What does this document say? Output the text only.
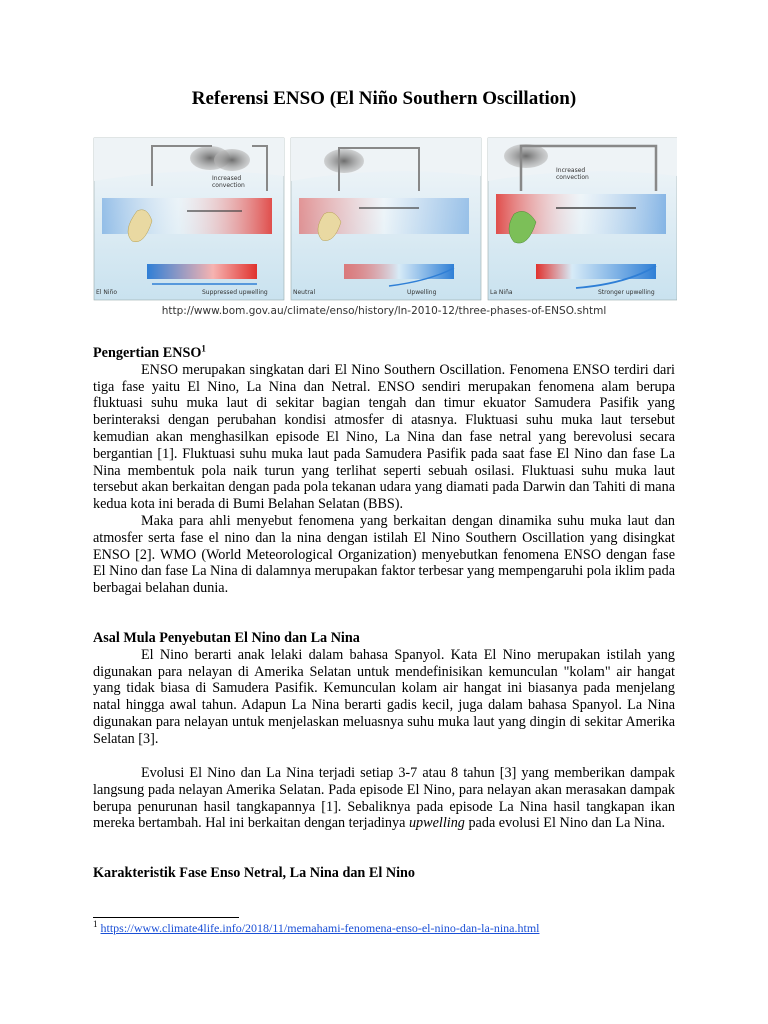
Referensi ENSO (El Niño Southern Oscillation)
Increased
convection
El Niño	Suppressed upwelling	Neutral	Upwelling
Increased
convection
La Niña	Stronger upwelling
http://www.bom.gov.au/climate/enso/history/ln-2010-12/three-phases-of-ENSO.shtml

Pengertian ENSO$^1$

ENSO merupakan singkatan dari El Nino Southern Oscillation. Fenomena ENSO terdiri dari tiga fase yaitu El Nino, La Nina dan Netral. ENSO sendiri merupakan fenomena alam berupa fluktuasi suhu muka laut di sekitar bagian tengah dan timur ekuator Samudera Pasifik yang berinteraksi dengan perubahan kondisi atmosfer di atasnya. Fluktuasi suhu muka laut tersebut kemudian akan menghasilkan episode El Nino, La Nina dan fase netral yang berevolusi secara bergantian [1]. Fluktuasi suhu muka laut pada Samudera Pasifik pada saat fase El Nino dan fase La Nina membentuk pola naik turun yang terlihat seperti sebuah osilasi. Fluktuasi suhu muka laut tersebut akan berkaitan dengan pada pola tekanan udara yang diamati pada Darwin dan Tahiti di mana kedua kota ini berada di Bumi Belahan Selatan (BBS).

Maka para ahli menyebut fenomena yang berkaitan dengan dinamika suhu muka laut dan atmosfer serta fase el nino dan la nina dengan istilah El Nino Southern Oscillation yang disingkat ENSO [2]. WMO (World Meteorological Organization) menyebutkan fenomena ENSO dengan fase El Nino dan fase La Nina di dalamnya merupakan faktor terbesar yang mempengaruhi pola iklim pada berbagai belahan dunia.

Asal Mula Penyebutan El Nino dan La Nina

El Nino berarti anak lelaki dalam bahasa Spanyol. Kata El Nino merupakan istilah yang digunakan para nelayan di Amerika Selatan untuk mendefinisikan kemunculan "kolam" air hangat yang tidak biasa di Samudera Pasifik. Kemunculan kolam air hangat ini biasanya pada menjelang natal hingga awal tahun. Adapun La Nina berarti gadis kecil, juga dalam bahasa Spanyol. La Nina digunakan para nelayan untuk menjelaskan meluasnya suhu muka laut yang dingin di sekitar Amerika Selatan [3].

Evolusi El Nino dan La Nina terjadi setiap 3-7 atau 8 tahun [3] yang memberikan dampak langsung pada nelayan Amerika Selatan. Pada episode El Nino, para nelayan akan merasakan dampak berupa penurunan hasil tangkapannya [1]. Sebaliknya pada episode La Nina hasil tangkapan ikan mereka bertambah. Hal ini berkaitan dengan terjadinya upwelling pada evolusi El Nino dan La Nina.

Karakteristik Fase Enso Netral, La Nina dan El Nino

$^1$ https://www.climate4life.info/2018/11/memahami-fenomena-enso-el-nino-dan-la-nina.html
